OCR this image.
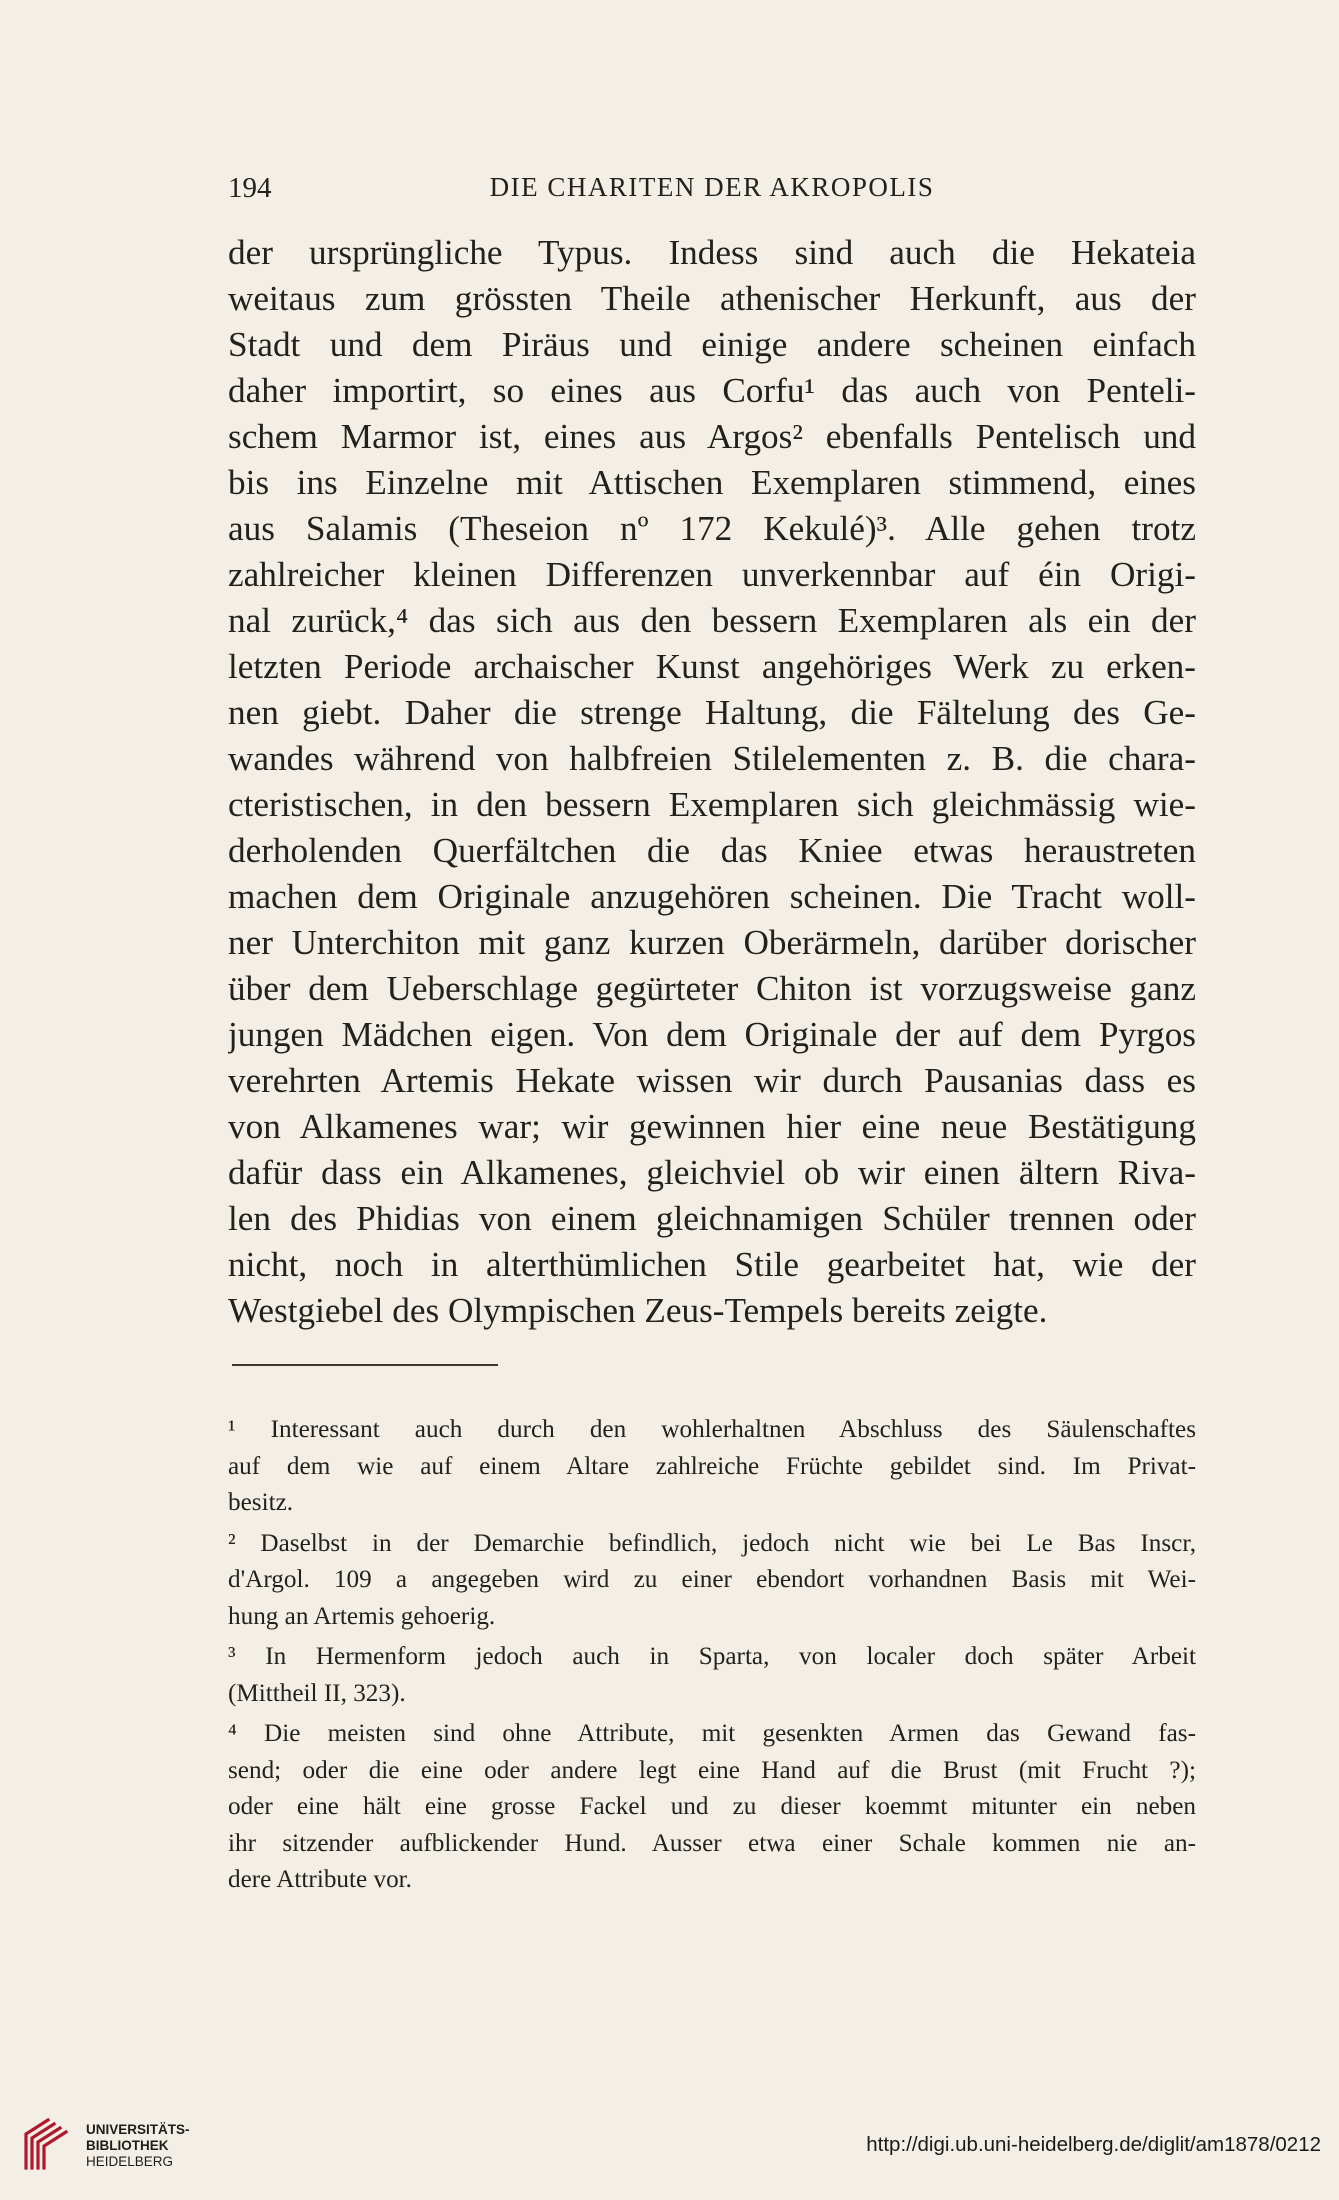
194	DIE CHARITEN DER AKROPOLIS
der ursprüngliche Typus. Indess sind auch die Hekateia
weitaus zum grössten Theile athenischer Herkunft, aus der
Stadt und dem Piräus und einige andere scheinen einfach
daher importirt, so eines aus Corfu¹ das auch von Penteli-
schem Marmor ist, eines aus Argos² ebenfalls Pentelisch und
bis ins Einzelne mit Attischen Exemplaren stimmend, eines
aus Salamis (Theseion nº 172 Kekulé)³. Alle gehen trotz
zahlreicher kleinen Differenzen unverkennbar auf éin Origi-
nal zurück,⁴ das sich aus den bessern Exemplaren als ein der
letzten Periode archaischer Kunst angehöriges Werk zu erken-
nen giebt. Daher die strenge Haltung, die Fältelung des Ge-
wandes während von halbfreien Stilelementen z. B. die chara-
cteristischen, in den bessern Exemplaren sich gleichmässig wie-
derholenden Querfältchen die das Kniee etwas heraustreten
machen dem Originale anzugehören scheinen. Die Tracht woll-
ner Unterchiton mit ganz kurzen Oberärmeln, darüber dorischer
über dem Ueberschlage gegürteter Chiton ist vorzugsweise ganz
jungen Mädchen eigen. Von dem Originale der auf dem Pyrgos
verehrten Artemis Hekate wissen wir durch Pausanias dass es
von Alkamenes war; wir gewinnen hier eine neue Bestätigung
dafür dass ein Alkamenes, gleichviel ob wir einen ältern Riva-
len des Phidias von einem gleichnamigen Schüler trennen oder
nicht, noch in alterthümlichen Stile gearbeitet hat, wie der
Westgiebel des Olympischen Zeus-Tempels bereits zeigte.
¹ Interessant auch durch den wohlerhaltnen Abschluss des Säulenschaftes
auf dem wie auf einem Altare zahlreiche Früchte gebildet sind. Im Privat-
besitz.
² Daselbst in der Demarchie befindlich, jedoch nicht wie bei Le Bas Inscr,
d'Argol. 109 a angegeben wird zu einer ebendort vorhandnen Basis mit Wei-
hung an Artemis gehoerig.
³ In Hermenform jedoch auch in Sparta, von localer doch später Arbeit
(Mittheil II, 323).
⁴ Die meisten sind ohne Attribute, mit gesenkten Armen das Gewand fas-
send; oder die eine oder andere legt eine Hand auf die Brust (mit Frucht ?);
oder eine hält eine grosse Fackel und zu dieser koemmt mitunter ein neben
ihr sitzender aufblickender Hund. Ausser etwa einer Schale kommen nie an-
dere Attribute vor.
UNIVERSITÄTS-
BIBLIOTHEK
HEIDELBERG
http://digi.ub.uni-heidelberg.de/diglit/am1878/0212
